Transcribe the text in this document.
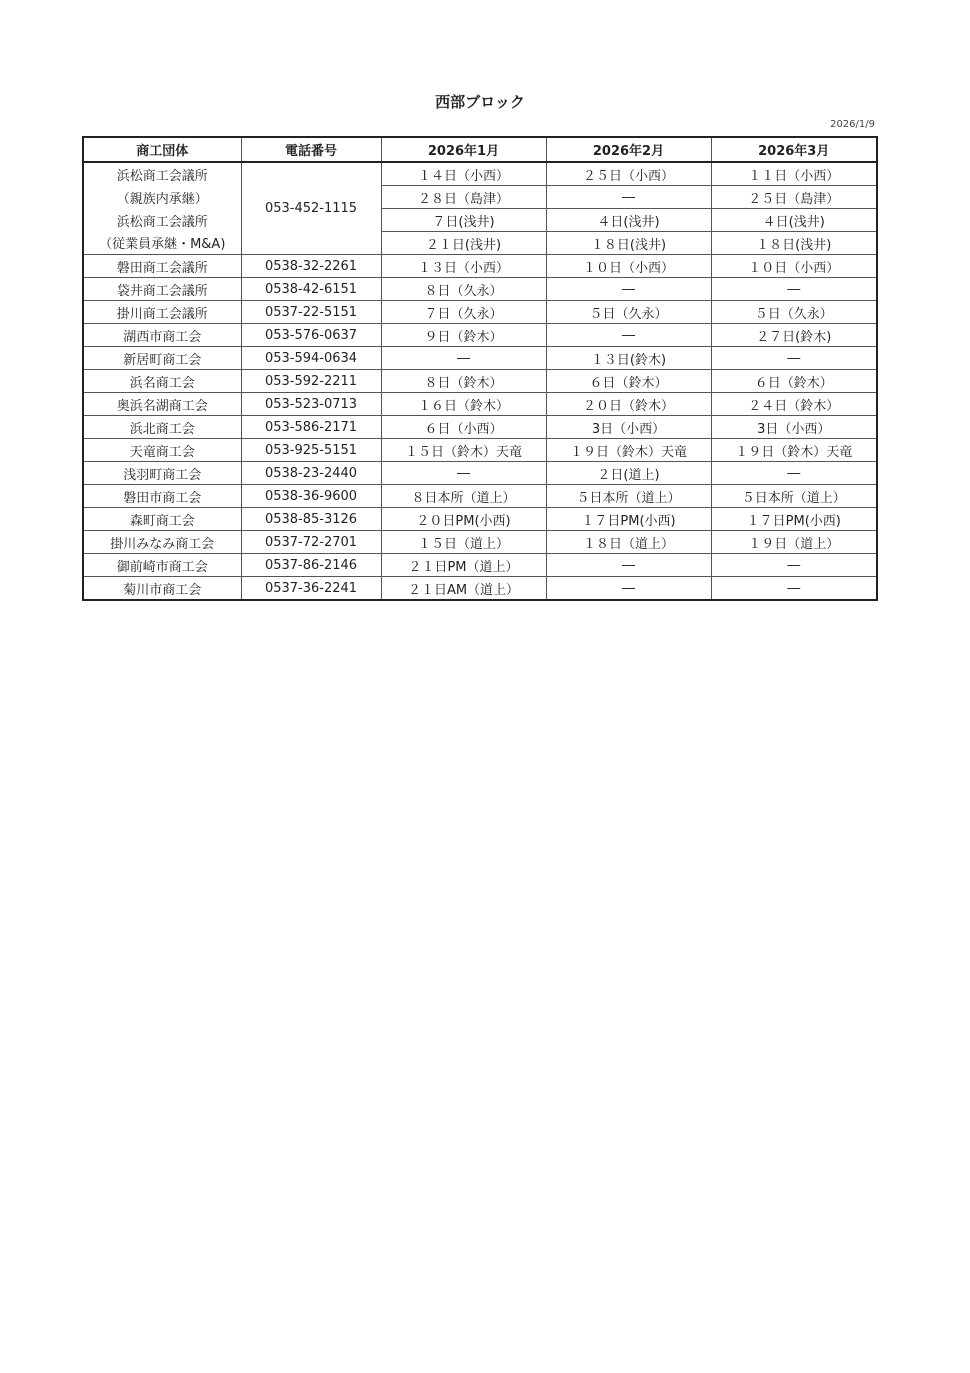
西部ブロック
2026/1/9
商工団体	電話番号	2026年1月	2026年2月	2026年3月
浜松商工会議所	053-452-1115	１４日（小西）	２５日（小西）	１１日（小西）
（親族内承継）		２８日（島津）	―	２５日（島津）
浜松商工会議所		７日(浅井)	４日(浅井)	４日(浅井)
（従業員承継・M&A)		２１日(浅井)	１８日(浅井)	１８日(浅井)
磐田商工会議所	0538-32-2261	１３日（小西）	１０日（小西）	１０日（小西）
袋井商工会議所	0538-42-6151	８日（久永）	―	―
掛川商工会議所	0537-22-5151	７日（久永）	５日（久永）	５日（久永）
湖西市商工会	053-576-0637	９日（鈴木）	―	２７日(鈴木)
新居町商工会	053-594-0634	―	１３日(鈴木)	―
浜名商工会	053-592-2211	８日（鈴木）	６日（鈴木）	６日（鈴木）
奥浜名湖商工会	053-523-0713	１６日（鈴木）	２０日（鈴木）	２４日（鈴木）
浜北商工会	053-586-2171	６日（小西）	3日（小西）	3日（小西）
天竜商工会	053-925-5151	１５日（鈴木）天竜	１９日（鈴木）天竜	１９日（鈴木）天竜
浅羽町商工会	0538-23-2440	―	２日(道上)	―
磐田市商工会	0538-36-9600	８日本所（道上）	５日本所（道上）	５日本所（道上）
森町商工会	0538-85-3126	２０日PM(小西)	１７日PM(小西)	１７日PM(小西)
掛川みなみ商工会	0537-72-2701	１５日（道上）	１８日（道上）	１９日（道上）
御前崎市商工会	0537-86-2146	２１日PM（道上）	―	―
菊川市商工会	0537-36-2241	２１日AM（道上）	―	―
